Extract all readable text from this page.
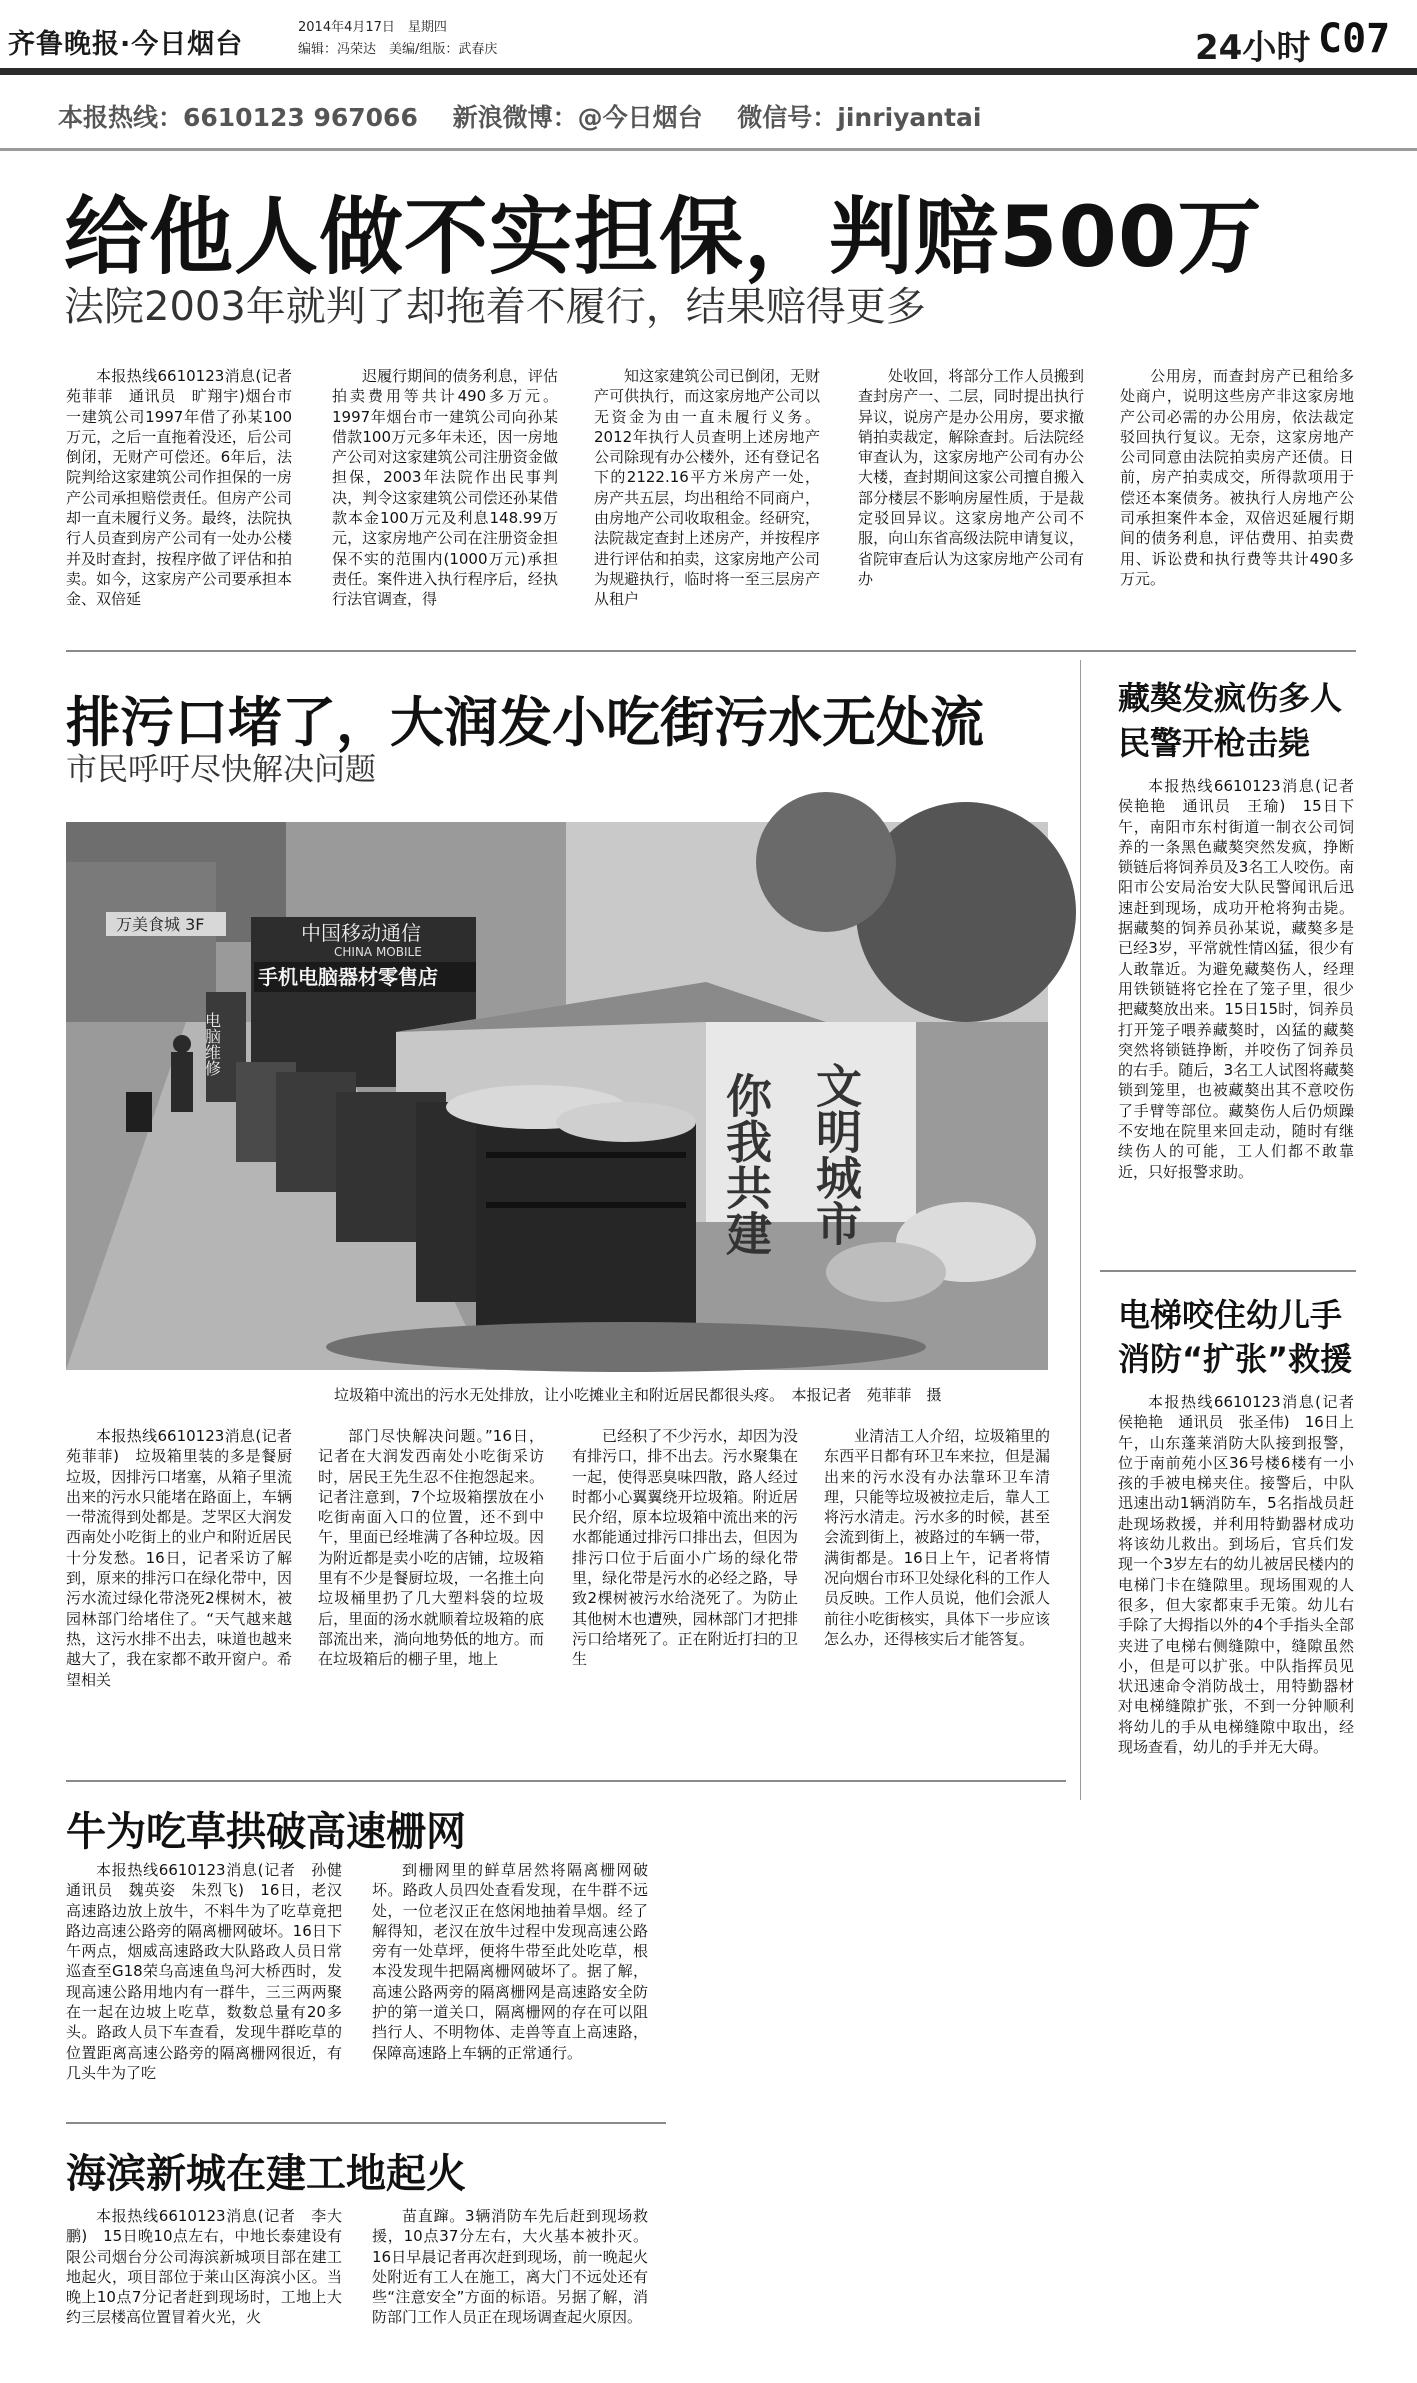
齐鲁晚报·今日烟台
2014年4月17日　星期四
编辑：冯荣达　美编/组版：武春庆	24小时 C07
本报热线：6610123 967066 新浪微博：@今日烟台 微信号：jinriyantai
给他人做不实担保，判赔500万
法院2003年就判了却拖着不履行，结果赔得更多

本报热线6610123消息(记者苑菲菲　通讯员　旷翔宇)烟台市一建筑公司1997年借了孙某100万元，之后一直拖着没还，后公司倒闭，无财产可偿还。6年后，法院判给这家建筑公司作担保的一房产公司承担赔偿责任。但房产公司却一直未履行义务。最终，法院执行人员查到房产公司有一处办公楼并及时查封，按程序做了评估和拍卖。如今，这家房产公司要承担本金、双倍延

迟履行期间的债务利息，评估拍卖费用等共计490多万元。1997年烟台市一建筑公司向孙某借款100万元多年未还，因一房地产公司对这家建筑公司注册资金做担保，2003年法院作出民事判决，判令这家建筑公司偿还孙某借款本金100万元及利息148.99万元，这家房地产公司在注册资金担保不实的范围内(1000万元)承担责任。案件进入执行程序后，经执行法官调查，得

知这家建筑公司已倒闭，无财产可供执行，而这家房地产公司以无资金为由一直未履行义务。2012年执行人员查明上述房地产公司除现有办公楼外，还有登记名下的2122.16平方米房产一处，房产共五层，均出租给不同商户，由房地产公司收取租金。经研究，法院裁定查封上述房产，并按程序进行评估和拍卖，这家房地产公司为规避执行，临时将一至三层房产从租户

处收回，将部分工作人员搬到查封房产一、二层，同时提出执行异议，说房产是办公用房，要求撤销拍卖裁定，解除查封。后法院经审查认为，这家房地产公司有办公大楼，查封期间这家公司擅自搬入部分楼层不影响房屋性质，于是裁定驳回异议。这家房地产公司不服，向山东省高级法院申请复议，省院审查后认为这家房地产公司有办

公用房，而查封房产已租给多处商户，说明这些房产非这家房地产公司必需的办公用房，依法裁定驳回执行复议。无奈，这家房地产公司同意由法院拍卖房产还债。日前，房产拍卖成交，所得款项用于偿还本案债务。被执行人房地产公司承担案件本金，双倍迟延履行期间的债务利息，评估费用、拍卖费用、诉讼费和执行费等共计490多万元。

排污口堵了，大润发小吃街污水无处流
市民呼吁尽快解决问题
万美食城 3F	中国移动通信
CHINA MOBILE
手机电脑器材零售店
电脑维修
你我共建 文明城市
垃圾箱中流出的污水无处排放，让小吃摊业主和附近居民都很头疼。　本报记者　苑菲菲　摄

本报热线6610123消息(记者　苑菲菲)　垃圾箱里装的多是餐厨垃圾，因排污口堵塞，从箱子里流出来的污水只能堵在路面上，车辆一带流得到处都是。芝罘区大润发西南处小吃街上的业户和附近居民十分发愁。16日，记者采访了解到，原来的排污口在绿化带中，因污水流过绿化带浇死2棵树木，被园林部门给堵住了。“天气越来越热，这污水排不出去，味道也越来越大了，我在家都不敢开窗户。希望相关

部门尽快解决问题。”16日，记者在大润发西南处小吃街采访时，居民王先生忍不住抱怨起来。记者注意到，7个垃圾箱摆放在小吃街南面入口的位置，还不到中午，里面已经堆满了各种垃圾。因为附近都是卖小吃的店铺，垃圾箱里有不少是餐厨垃圾，一名推土向垃圾桶里扔了几大塑料袋的垃圾后，里面的汤水就顺着垃圾箱的底部流出来，淌向地势低的地方。而在垃圾箱后的棚子里，地上

已经积了不少污水，却因为没有排污口，排不出去。污水聚集在一起，使得恶臭味四散，路人经过时都小心翼翼绕开垃圾箱。附近居民介绍，原本垃圾箱中流出来的污水都能通过排污口排出去，但因为排污口位于后面小广场的绿化带里，绿化带是污水的必经之路，导致2棵树被污水给浇死了。为防止其他树木也遭殃，园林部门才把排污口给堵死了。正在附近打扫的卫生

业清洁工人介绍，垃圾箱里的东西平日都有环卫车来拉，但是漏出来的污水没有办法靠环卫车清理，只能等垃圾被拉走后，靠人工将污水清走。污水多的时候，甚至会流到街上，被路过的车辆一带，满街都是。16日上午，记者将情况向烟台市环卫处绿化科的工作人员反映。工作人员说，他们会派人前往小吃街核实，具体下一步应该怎么办，还得核实后才能答复。

藏獒发疯伤多人
民警开枪击毙

本报热线6610123消息(记者　侯艳艳　通讯员　王瑜)　15日下午，南阳市东村街道一制衣公司饲养的一条黑色藏獒突然发疯，挣断锁链后将饲养员及3名工人咬伤。南阳市公安局治安大队民警闻讯后迅速赶到现场，成功开枪将狗击毙。据藏獒的饲养员孙某说，藏獒多是已经3岁，平常就性情凶猛，很少有人敢靠近。为避免藏獒伤人，经理用铁锁链将它拴在了笼子里，很少把藏獒放出来。15日15时，饲养员打开笼子喂养藏獒时，凶猛的藏獒突然将锁链挣断，并咬伤了饲养员的右手。随后，3名工人试图将藏獒锁到笼里，也被藏獒出其不意咬伤了手臂等部位。藏獒伤人后仍烦躁不安地在院里来回走动，随时有继续伤人的可能，工人们都不敢靠近，只好报警求助。

电梯咬住幼儿手
消防“扩张”救援

本报热线6610123消息(记者　侯艳艳　通讯员　张圣伟)　16日上午，山东蓬莱消防大队接到报警，位于南前苑小区36号楼6楼有一小孩的手被电梯夹住。接警后，中队迅速出动1辆消防车，5名指战员赶赴现场救援，并利用特勤器材成功将该幼儿救出。到场后，官兵们发现一个3岁左右的幼儿被居民楼内的电梯门卡在缝隙里。现场围观的人很多，但大家都束手无策。幼儿右手除了大拇指以外的4个手指头全部夹进了电梯右侧缝隙中，缝隙虽然小，但是可以扩张。中队指挥员见状迅速命令消防战士，用特勤器材对电梯缝隙扩张，不到一分钟顺利将幼儿的手从电梯缝隙中取出，经现场查看，幼儿的手并无大碍。

牛为吃草拱破高速栅网

本报热线6610123消息(记者　孙健　通讯员　魏英姿　朱烈飞)　16日，老汉高速路边放上放牛，不料牛为了吃草竟把路边高速公路旁的隔离栅网破坏。16日下午两点，烟威高速路政大队路政人员日常巡查至G18荣乌高速鱼鸟河大桥西时，发现高速公路用地内有一群牛，三三两两聚在一起在边坡上吃草，数数总量有20多头。路政人员下车查看，发现牛群吃草的位置距离高速公路旁的隔离栅网很近，有几头牛为了吃

到栅网里的鲜草居然将隔离栅网破坏。路政人员四处查看发现，在牛群不远处，一位老汉正在悠闲地抽着旱烟。经了解得知，老汉在放牛过程中发现高速公路旁有一处草坪，便将牛带至此处吃草，根本没发现牛把隔离栅网破坏了。据了解，高速公路两旁的隔离栅网是高速路安全防护的第一道关口，隔离栅网的存在可以阻挡行人、不明物体、走兽等直上高速路，保障高速路上车辆的正常通行。

海滨新城在建工地起火

本报热线6610123消息(记者　李大鹏)　15日晚10点左右，中地长泰建设有限公司烟台分公司海滨新城项目部在建工地起火，项目部位于莱山区海滨小区。当晚上10点7分记者赶到现场时，工地上大约三层楼高位置冒着火光，火

苗直蹿。3辆消防车先后赶到现场救援，10点37分左右，大火基本被扑灭。16日早晨记者再次赶到现场，前一晚起火处附近有工人在施工，离大门不远处还有些“注意安全”方面的标语。另据了解，消防部门工作人员正在现场调查起火原因。
